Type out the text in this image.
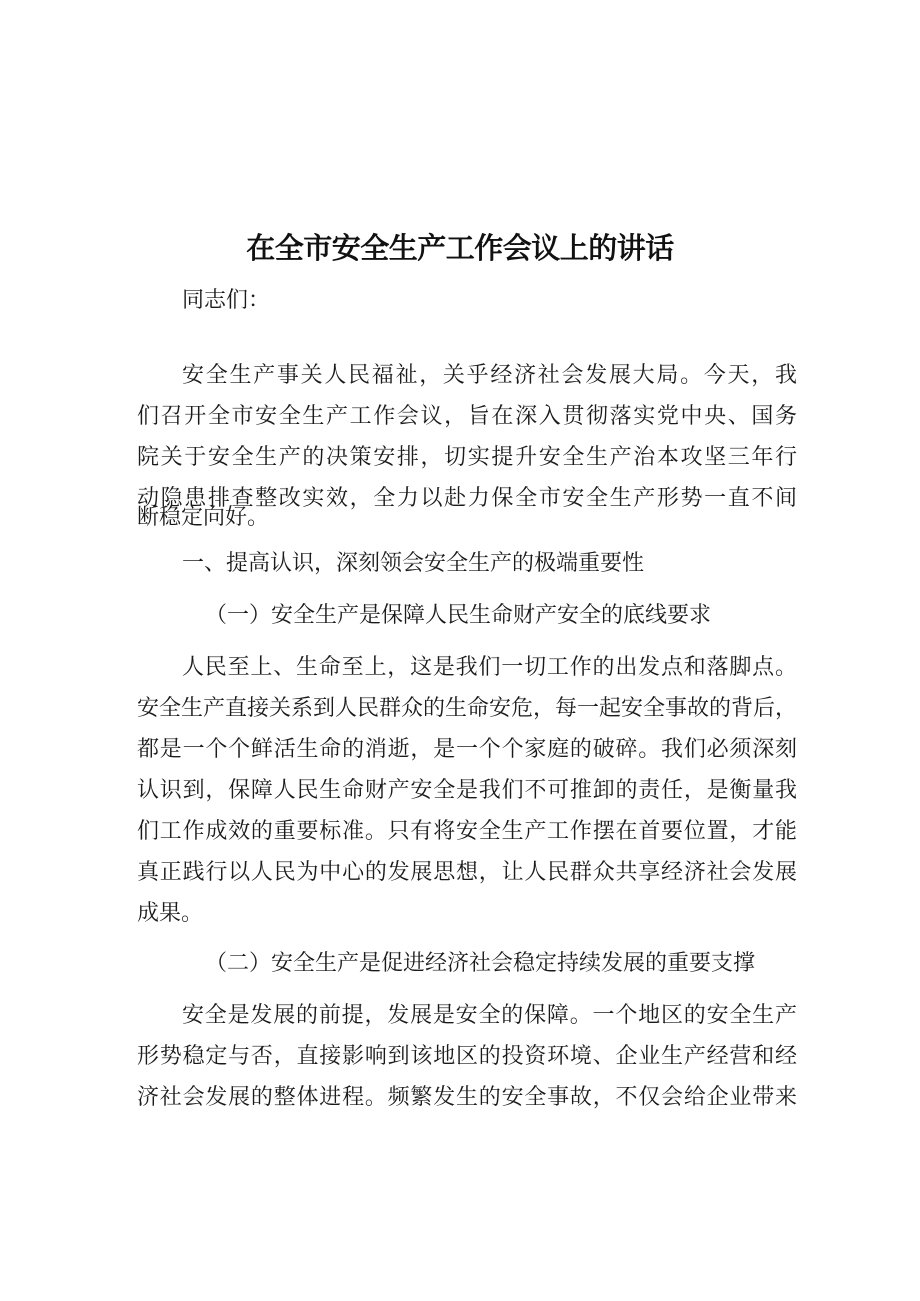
在全市安全生产工作会议上的讲话
同志们：
安全生产事关人民福祉，关乎经济社会发展大局。今天，我
们召开全市安全生产工作会议，旨在深入贯彻落实党中央、国务
院关于安全生产的决策安排，切实提升安全生产治本攻坚三年行
动隐患排查整改实效，全力以赴力保全市安全生产形势一直不间
断稳定向好。
一、提高认识，深刻领会安全生产的极端重要性
（一）安全生产是保障人民生命财产安全的底线要求
人民至上、生命至上，这是我们一切工作的出发点和落脚点。
安全生产直接关系到人民群众的生命安危，每一起安全事故的背后，
都是一个个鲜活生命的消逝，是一个个家庭的破碎。我们必须深刻
认识到，保障人民生命财产安全是我们不可推卸的责任，是衡量我
们工作成效的重要标准。只有将安全生产工作摆在首要位置，才能
真正践行以人民为中心的发展思想，让人民群众共享经济社会发展
成果。
（二）安全生产是促进经济社会稳定持续发展的重要支撑
安全是发展的前提，发展是安全的保障。一个地区的安全生产
形势稳定与否，直接影响到该地区的投资环境、企业生产经营和经
济社会发展的整体进程。频繁发生的安全事故，不仅会给企业带来
